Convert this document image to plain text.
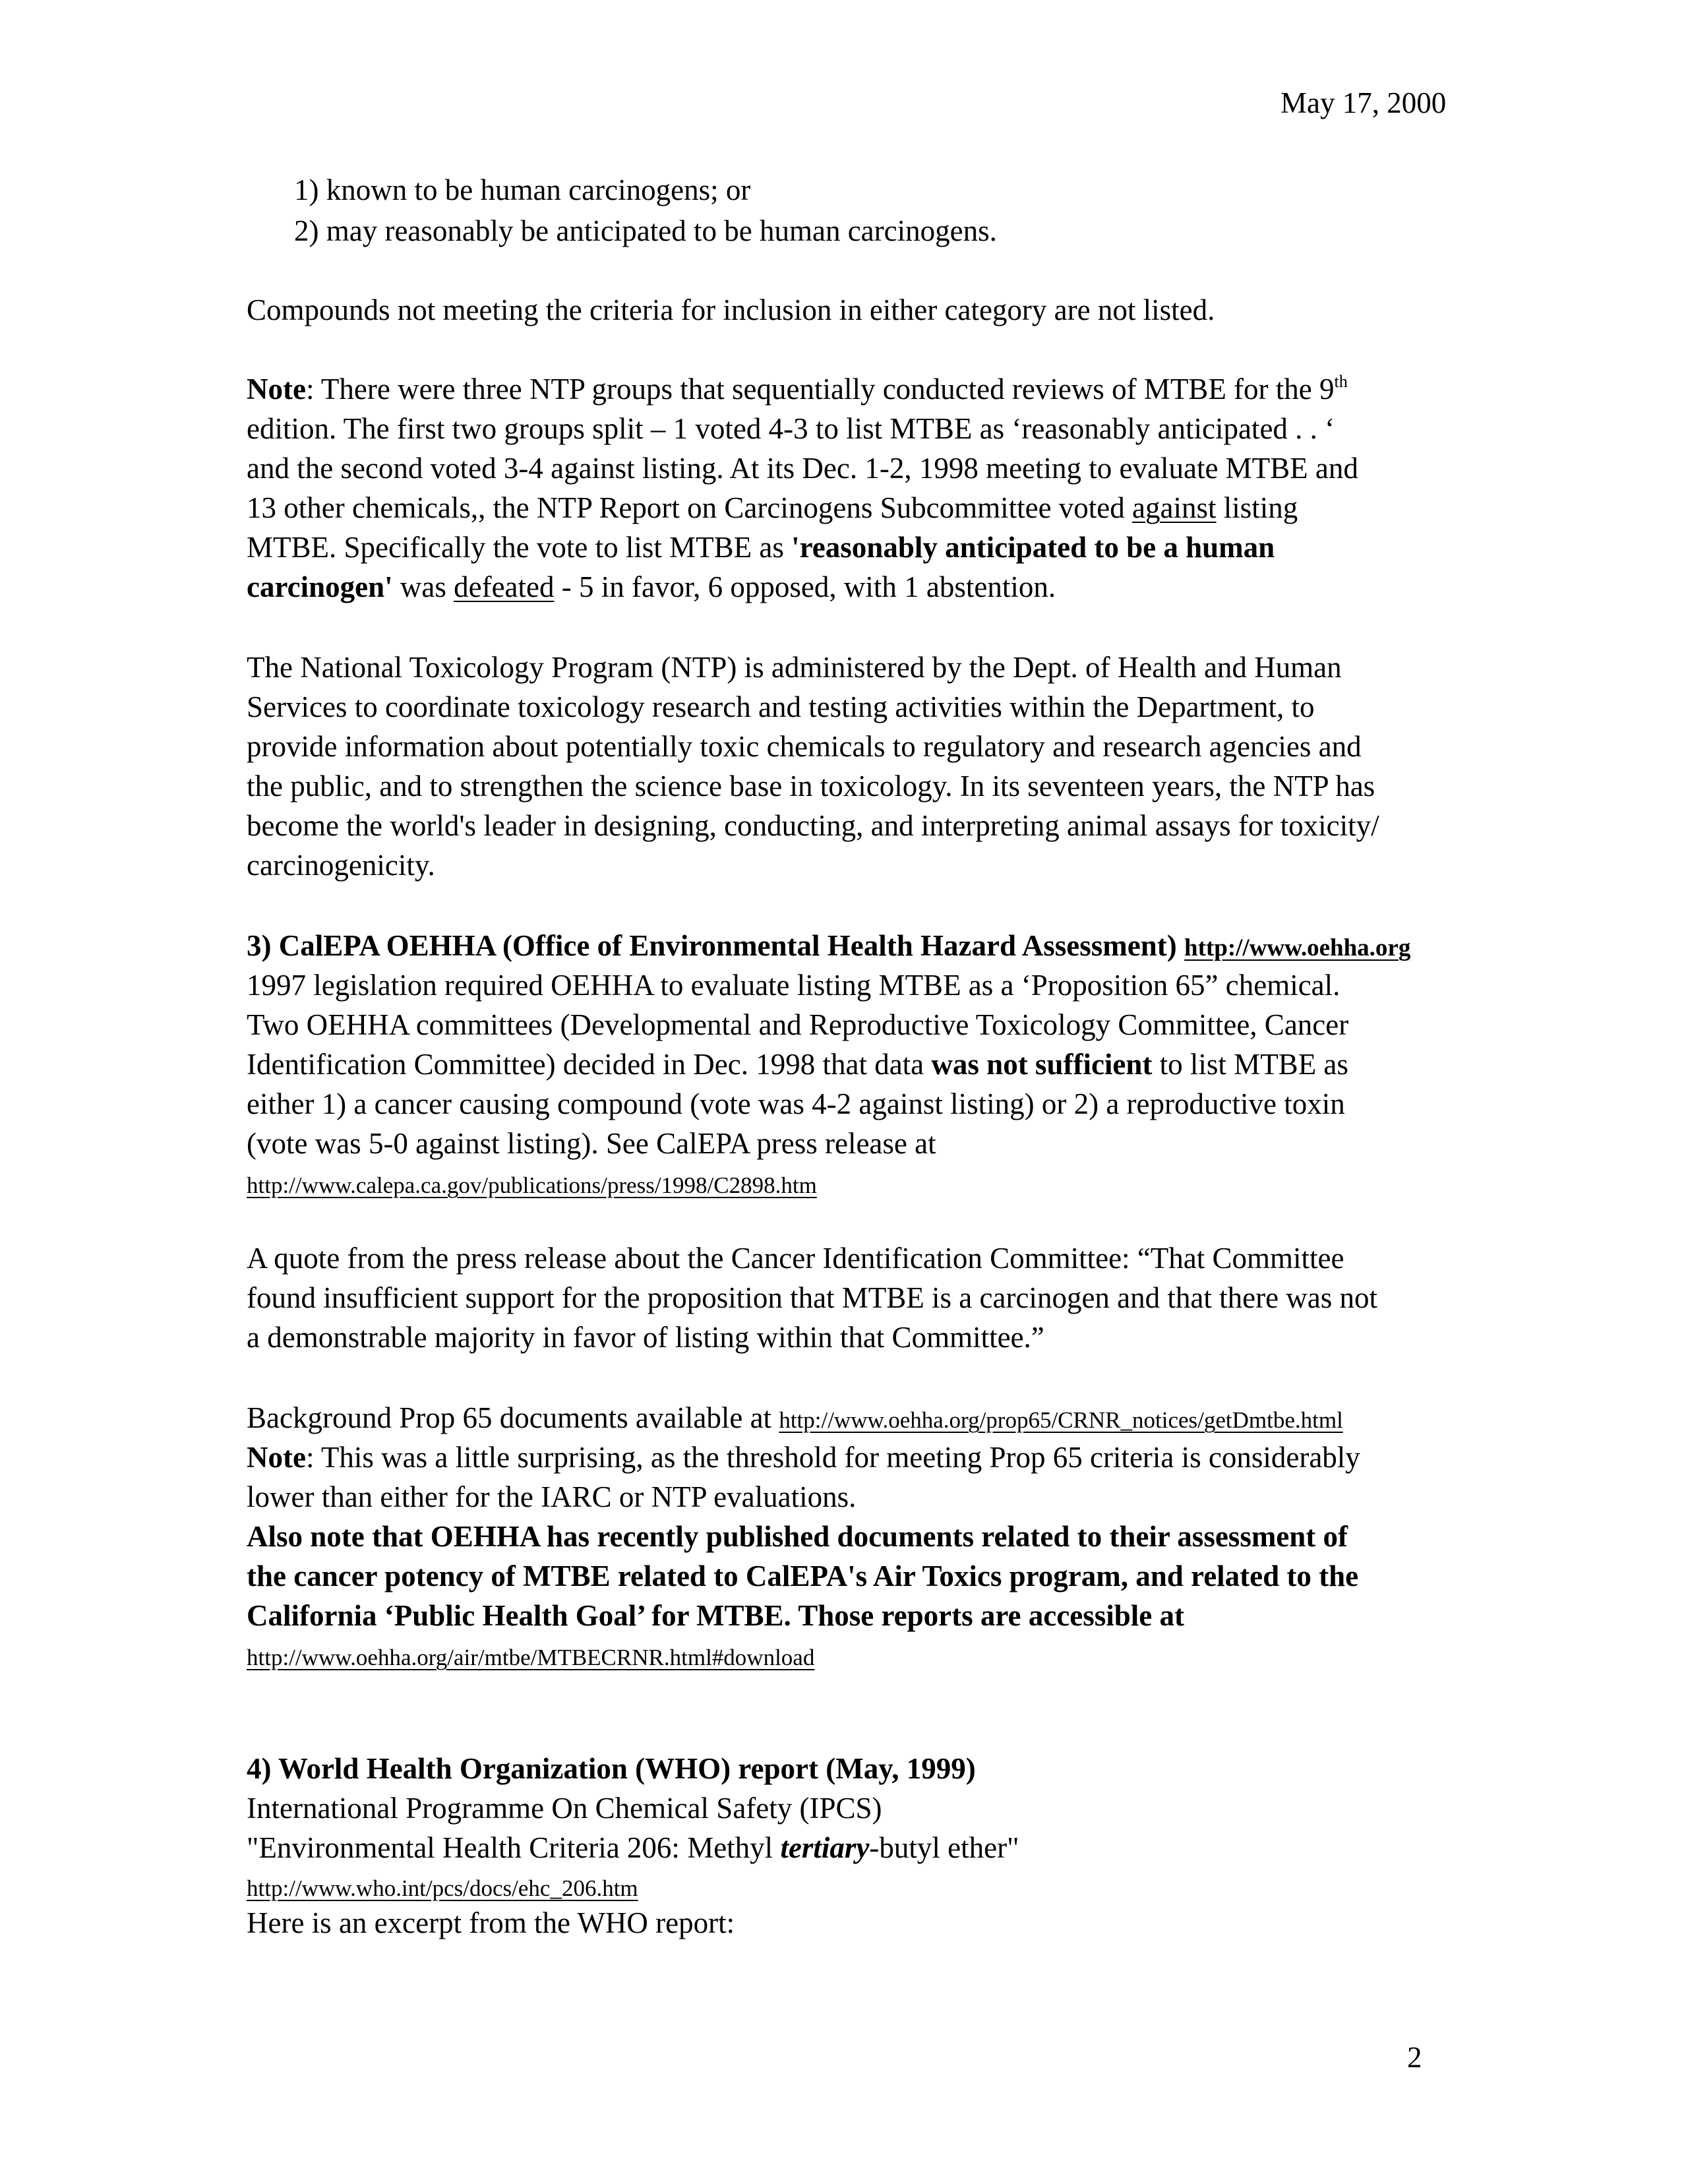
May 17, 2000
1) known to be human carcinogens; or
2) may reasonably be anticipated to be human carcinogens.
Compounds not meeting the criteria for inclusion in either category are not listed.
Note: There were three NTP groups that sequentially conducted reviews of MTBE for the 9th
edition. The first two groups split – 1 voted 4-3 to list MTBE as ‘reasonably anticipated . . ‘
and the second voted 3-4 against listing. At its Dec. 1-2, 1998 meeting to evaluate MTBE and
13 other chemicals,, the NTP Report on Carcinogens Subcommittee voted against listing
MTBE. Specifically the vote to list MTBE as 'reasonably anticipated to be a human
carcinogen' was defeated - 5 in favor, 6 opposed, with 1 abstention.
The National Toxicology Program (NTP) is administered by the Dept. of Health and Human
Services to coordinate toxicology research and testing activities within the Department, to
provide information about potentially toxic chemicals to regulatory and research agencies and
the public, and to strengthen the science base in toxicology. In its seventeen years, the NTP has
become the world's leader in designing, conducting, and interpreting animal assays for toxicity/
carcinogenicity.
3) CalEPA OEHHA (Office of Environmental Health Hazard Assessment) http://www.oehha.org
1997 legislation required OEHHA to evaluate listing MTBE as a ‘Proposition 65” chemical.
Two OEHHA committees (Developmental and Reproductive Toxicology Committee, Cancer
Identification Committee) decided in Dec. 1998 that data was not sufficient to list MTBE as
either 1) a cancer causing compound (vote was 4-2 against listing) or 2) a reproductive toxin
(vote was 5-0 against listing). See CalEPA press release at
http://www.calepa.ca.gov/publications/press/1998/C2898.htm
A quote from the press release about the Cancer Identification Committee: “That Committee
found insufficient support for the proposition that MTBE is a carcinogen and that there was not
a demonstrable majority in favor of listing within that Committee.”
Background Prop 65 documents available at http://www.oehha.org/prop65/CRNR_notices/getDmtbe.html
Note: This was a little surprising, as the threshold for meeting Prop 65 criteria is considerably
lower than either for the IARC or NTP evaluations.
Also note that OEHHA has recently published documents related to their assessment of
the cancer potency of MTBE related to CalEPA's Air Toxics program, and related to the
California ‘Public Health Goal’ for MTBE. Those reports are accessible at
http://www.oehha.org/air/mtbe/MTBECRNR.html#download
4) World Health Organization (WHO) report (May, 1999)
International Programme On Chemical Safety (IPCS)
"Environmental Health Criteria 206: Methyl tertiary-butyl ether"
http://www.who.int/pcs/docs/ehc_206.htm
Here is an excerpt from the WHO report:
2
